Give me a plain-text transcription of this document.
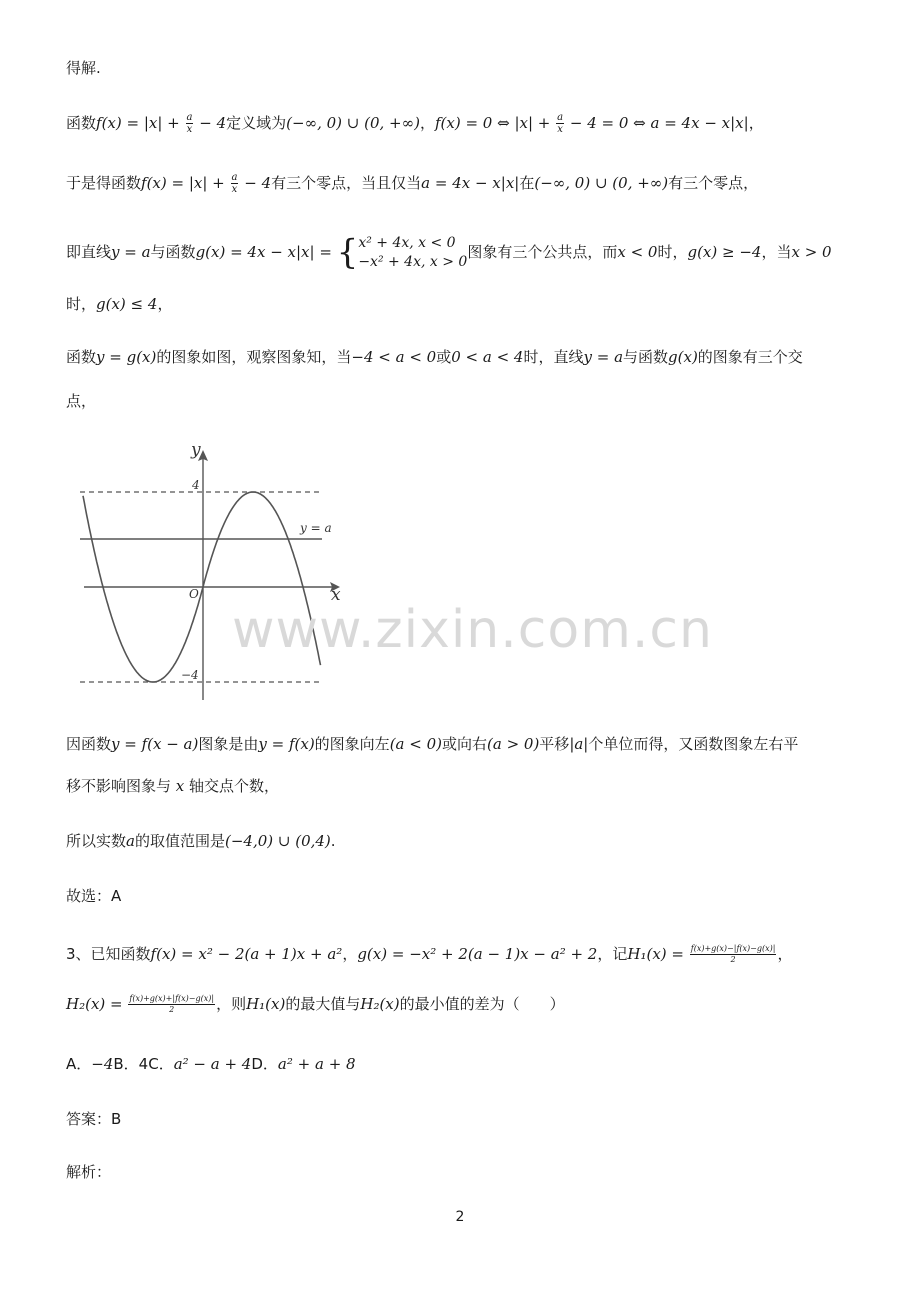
得解.
函数$f(x) = |x| + \frac{a}{x} - 4$定义域为(−∞, 0) ∪ (0, +∞)，f(x) = 0 ⇔ $|x| + \frac{a}{x} - 4 = 0$ ⇔ a = 4x − x|x|，
于是得函数$f(x) = |x| + \frac{a}{x} - 4$有三个零点，当且仅当a = 4x − x|x|在(−∞, 0) ∪ (0, +∞)有三个零点，
即直线y = a与函数g(x) = 4x − x|x| = { x² + 4x, x < 0
−x² + 4x, x > 0
图象有三个公共点，而x < 0时，g(x) ≥ −4，当x > 0
时，g(x) ≤ 4，
函数y = g(x)的图象如图，观察图象知，当−4 < a < 0或0 < a < 4时，直线y = a与函数g(x)的图象有三个交
点，
y
x
O
4
−4
y = a
www.zixin.com.cn
因函数y = f(x − a)图象是由y = f(x)的图象向左(a < 0)或向右(a > 0)平移|a|个单位而得，又函数图象左右平
移不影响图象与 x 轴交点个数，
所以实数a的取值范围是(−4,0) ∪ (0,4).
故选：A
3、已知函数f(x) = x² − 2(a + 1)x + a²，g(x) = −x² + 2(a − 1)x − a² + 2，记$H_1(x) = \frac{f(x)+g(x)-|f(x)-g(x)|}{2}$ ，
$H_2(x) = \frac{f(x)+g(x)+|f(x)-g(x)|}{2}$ ，则H₁(x)的最大值与H₂(x)的最小值的差为（　　）
A．−4B．4C．a² − a + 4D．a² + a + 8
答案：B
解析：
2
